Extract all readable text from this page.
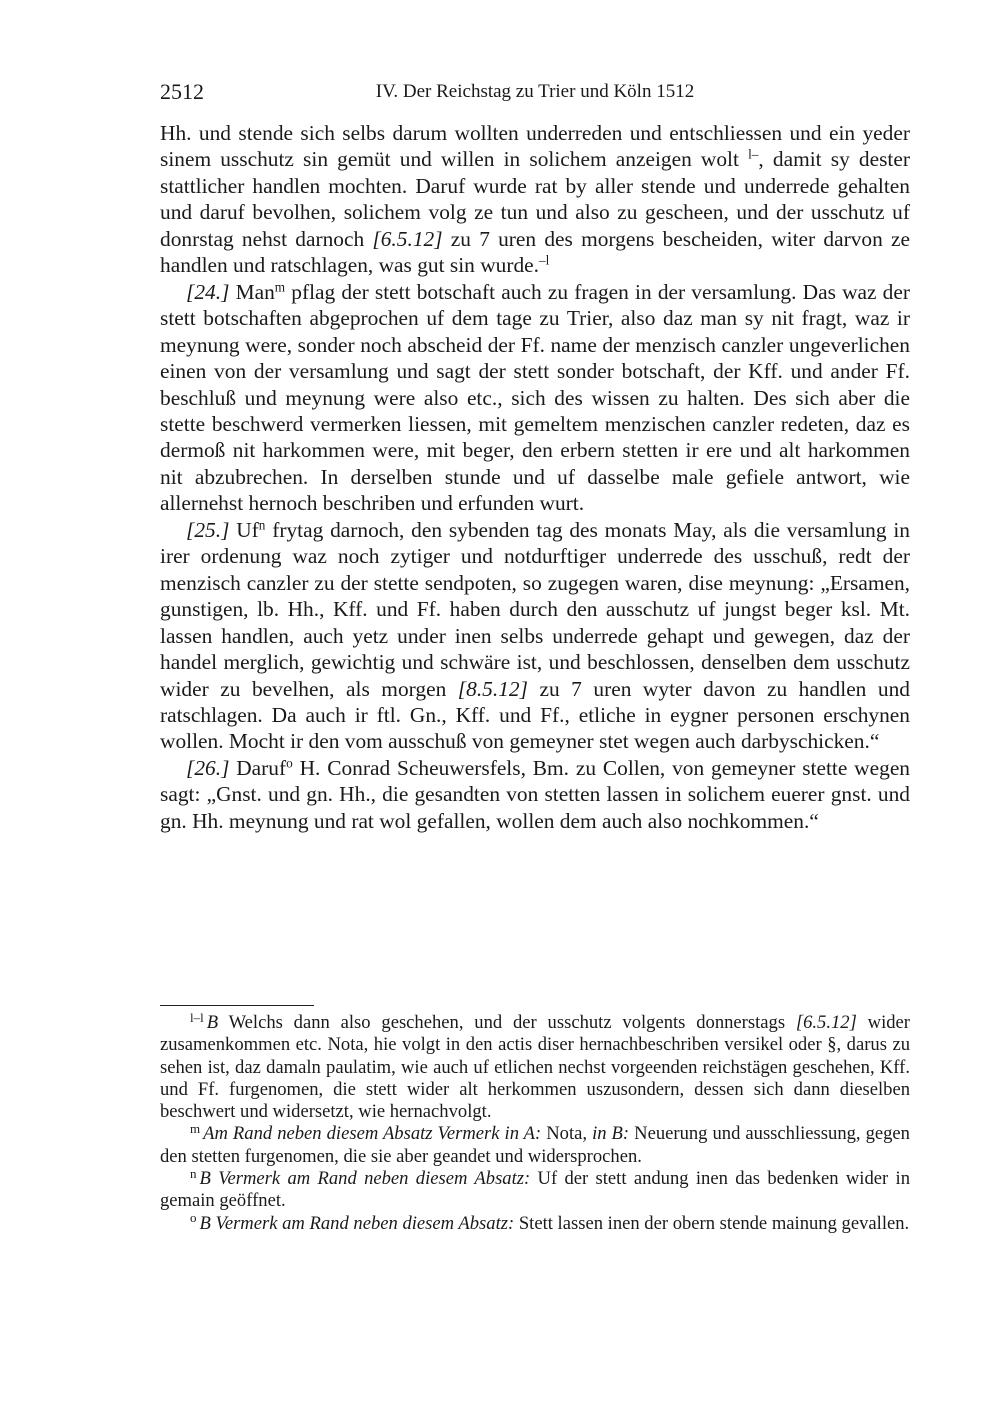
2512	IV. Der Reichstag zu Trier und Köln 1512

Hh. und stende sich selbs darum wollten underreden und entschliessen und ein yeder sinem usschutz sin gemüt und willen in solichem anzeigen wolt $^{l-}$, damit sy dester stattlicher handlen mochten. Daruf wurde rat by aller stende und underrede gehalten und daruf bevolhen, solichem volg ze tun und also zu gescheen, und der usschutz uf donrstag nehst darnoch [6.5.12] zu 7 uren des morgens bescheiden, witer darvon ze handlen und ratschlagen, was gut sin wurde.$^{-l}$

[24.] Man$^m$ pflag der stett botschaft auch zu fragen in der versamlung. Das waz der stett botschaften abgeprochen uf dem tage zu Trier, also daz man sy nit fragt, waz ir meynung were, sonder noch abscheid der Ff. name der menzisch canzler ungeverlichen einen von der versamlung und sagt der stett sonder botschaft, der Kff. und ander Ff. beschluß und meynung were also etc., sich des wissen zu halten. Des sich aber die stette beschwerd vermerken liessen, mit gemeltem menzischen canzler redeten, daz es dermoß nit harkommen were, mit beger, den erbern stetten ir ere und alt harkommen nit abzubrechen. In derselben stunde und uf dasselbe male gefiele antwort, wie allernehst hernoch beschriben und erfunden wurt.

[25.] Uf$^n$ frytag darnoch, den sybenden tag des monats May, als die versamlung in irer ordenung waz noch zytiger und notdurftiger underrede des usschuß, redt der menzisch canzler zu der stette sendpoten, so zugegen waren, dise meynung: „Ersamen, gunstigen, lb. Hh., Kff. und Ff. haben durch den ausschutz uf jungst beger ksl. Mt. lassen handlen, auch yetz under inen selbs underrede gehapt und gewegen, daz der handel merglich, gewichtig und schwäre ist, und beschlossen, denselben dem usschutz wider zu bevelhen, als morgen [8.5.12] zu 7 uren wyter davon zu handlen und ratschlagen. Da auch ir ftl. Gn., Kff. und Ff., etliche in eygner personen erschynen wollen. Mocht ir den vom ausschuß von gemeyner stet wegen auch darbyschicken.“

[26.] Daruf$^o$ H. Conrad Scheuwersfels, Bm. zu Collen, von gemeyner stette wegen sagt: „Gnst. und gn. Hh., die gesandten von stetten lassen in solichem euerer gnst. und gn. Hh. meynung und rat wol gefallen, wollen dem auch also nochkommen.“

$^{l-l}$ B Welchs dann also geschehen, und der usschutz volgents donnerstags [6.5.12] wider zusamenkommen etc. Nota, hie volgt in den actis diser hernachbeschriben versikel oder §, darus zu sehen ist, daz damaln paulatim, wie auch uf etlichen nechst vorgeenden reichstägen geschehen, Kff. und Ff. furgenomen, die stett wider alt herkommen uszusondern, dessen sich dann dieselben beschwert und widersetzt, wie hernachvolgt.

$^m$ Am Rand neben diesem Absatz Vermerk in A: Nota, in B: Neuerung und ausschliessung, gegen den stetten furgenomen, die sie aber geandet und widersprochen.

$^n$ B Vermerk am Rand neben diesem Absatz: Uf der stett andung inen das bedenken wider in gemain geöffnet.

$^o$ B Vermerk am Rand neben diesem Absatz: Stett lassen inen der obern stende mainung gevallen.
